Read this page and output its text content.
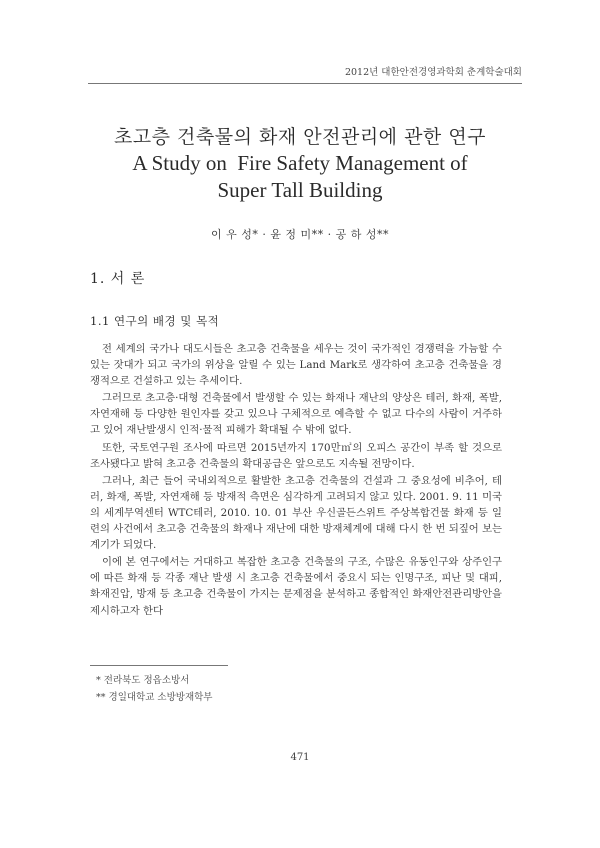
2012년 대한안전경영과학회 춘계학술대회
초고층 건축물의 화재 안전관리에 관한 연구
A Study on  Fire Safety Management of
Super Tall Building
이 우 성* · 윤 정 미** · 공 하 성**
1. 서 론
1.1 연구의 배경 및 목적

전 세계의 국가나 대도시들은 초고층 건축물을 세우는 것이 국가적인 경쟁력을 가늠할 수 있는 잣대가 되고 국가의 위상을 알릴 수 있는 Land Mark로 생각하여 초고층 건축물을 경쟁적으로 건설하고 있는 추세이다.

그러므로 초고층·대형 건축물에서 발생할 수 있는 화재나 재난의 양상은 테러, 화재, 폭발, 자연재해 등 다양한 원인자를 갖고 있으나 구체적으로 예측할 수 없고 다수의 사람이 거주하고 있어 재난발생시 인적·물적 피해가 확대될 수 밖에 없다.

또한, 국토연구원 조사에 따르면 2015년까지 170만㎡의 오피스 공간이 부족 할 것으로 조사됐다고 밝혀 초고층 건축물의 확대공급은 앞으로도 지속될 전망이다.

그러나, 최근 들어 국내외적으로 활발한 초고층 건축물의 건설과 그 중요성에 비추어, 테러, 화재, 폭발, 자연재해 등 방재적 측면은 심각하게 고려되지 않고 있다. 2001. 9. 11 미국의 세계무역센터 WTC테러, 2010. 10. 01 부산 우신골든스위트 주상복합건물 화재 등 일련의 사건에서 초고층 건축물의 화재나 재난에 대한 방재체계에 대해 다시 한 번 되짚어 보는 계기가 되었다.

이에 본 연구에서는 거대하고 복잡한 초고층 건축물의 구조, 수많은 유동인구와 상주인구에 따른 화재 등 각종 재난 발생 시 초고층 건축물에서 중요시 되는 인명구조, 피난 및 대피, 화재진압, 방재 등 초고층 건축물이 가지는 문제점을 분석하고 종합적인 화재안전관리방안을 제시하고자 한다

* 전라북도 정읍소방서
** 경일대학교 소방방재학부
471
